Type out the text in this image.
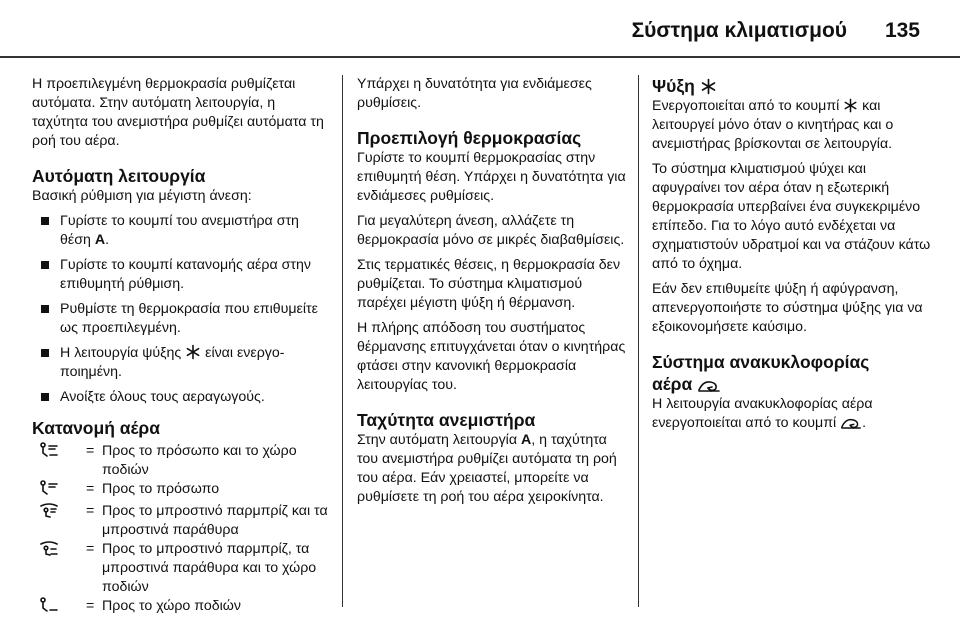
Σύστημα κλιματισμού 135

Η προεπιλεγμένη θερμοκρασία ρυθμίζεται αυτόματα. Στην αυτόματη λειτουργία, η ταχύτητα του ανεμιστήρα ρυθμίζει αυτόματα τη ροή του αέρα.

Αυτόματη λειτουργία

Βασική ρύθμιση για μέγιστη άνεση:

Γυρίστε το κουμπί του ανεμιστήρα στη θέση A.
Γυρίστε το κουμπί κατανομής αέρα στην επιθυμητή ρύθμιση.
Ρυθμίστε τη θερμοκρασία που επιθυμείτε ως προεπιλεγμένη.
Η λειτουργία ψύξης  είναι ενεργοποιημένη.
Ανοίξτε όλους τους αεραγωγούς.
Κατανομή αέρα
= Προς το πρόσωπο και το χώρο ποδιών
= Προς το πρόσωπο
= Προς το μπροστινό παρμπρίζ και τα μπροστινά παράθυρα
= Προς το μπροστινό παρμπρίζ, τα μπροστινά παράθυρα και το χώρο ποδιών
= Προς το χώρο ποδιών

Υπάρχει η δυνατότητα για ενδιάμεσες ρυθμίσεις.

Προεπιλογή θερμοκρασίας

Γυρίστε το κουμπί θερμοκρασίας στην επιθυμητή θέση. Υπάρχει η δυνατότητα για ενδιάμεσες ρυθμίσεις.

Για μεγαλύτερη άνεση, αλλάζετε τη θερμοκρασία μόνο σε μικρές διαβαθμίσεις.

Στις τερματικές θέσεις, η θερμοκρασία δεν ρυθμίζεται. Το σύστημα κλιματισμού παρέχει μέγιστη ψύξη ή θέρμανση.

Η πλήρης απόδοση του συστήματος θέρμανσης επιτυγχάνεται όταν ο κινητήρας φτάσει στην κανονική θερμοκρασία λειτουργίας του.

Ταχύτητα ανεμιστήρα

Στην αυτόματη λειτουργία A, η ταχύτητα του ανεμιστήρα ρυθμίζει αυτόματα τη ροή του αέρα. Εάν χρειαστεί, μπορείτε να ρυθμίσετε τη ροή του αέρα χειροκίνητα.

Ψύξη

Ενεργοποιείται από το κουμπί  και λειτουργεί μόνο όταν ο κινητήρας και ο ανεμιστήρας βρίσκονται σε λειτουργία.

Το σύστημα κλιματισμού ψύχει και αφυγραίνει τον αέρα όταν η εξωτερική θερμοκρασία υπερβαίνει ένα συγκεκριμένο επίπεδο. Για το λόγο αυτό ενδέχεται να σχηματιστούν υδρατμοί και να στάζουν κάτω από το όχημα.

Εάν δεν επιθυμείτε ψύξη ή αφύγρανση, απενεργοποιήστε το σύστημα ψύξης για να εξοικονομήσετε καύσιμο.

Σύστημα ανακυκλοφορίας
αέρα

Η λειτουργία ανακυκλοφορίας αέρα ενεργοποιείται από το κουμπί .
